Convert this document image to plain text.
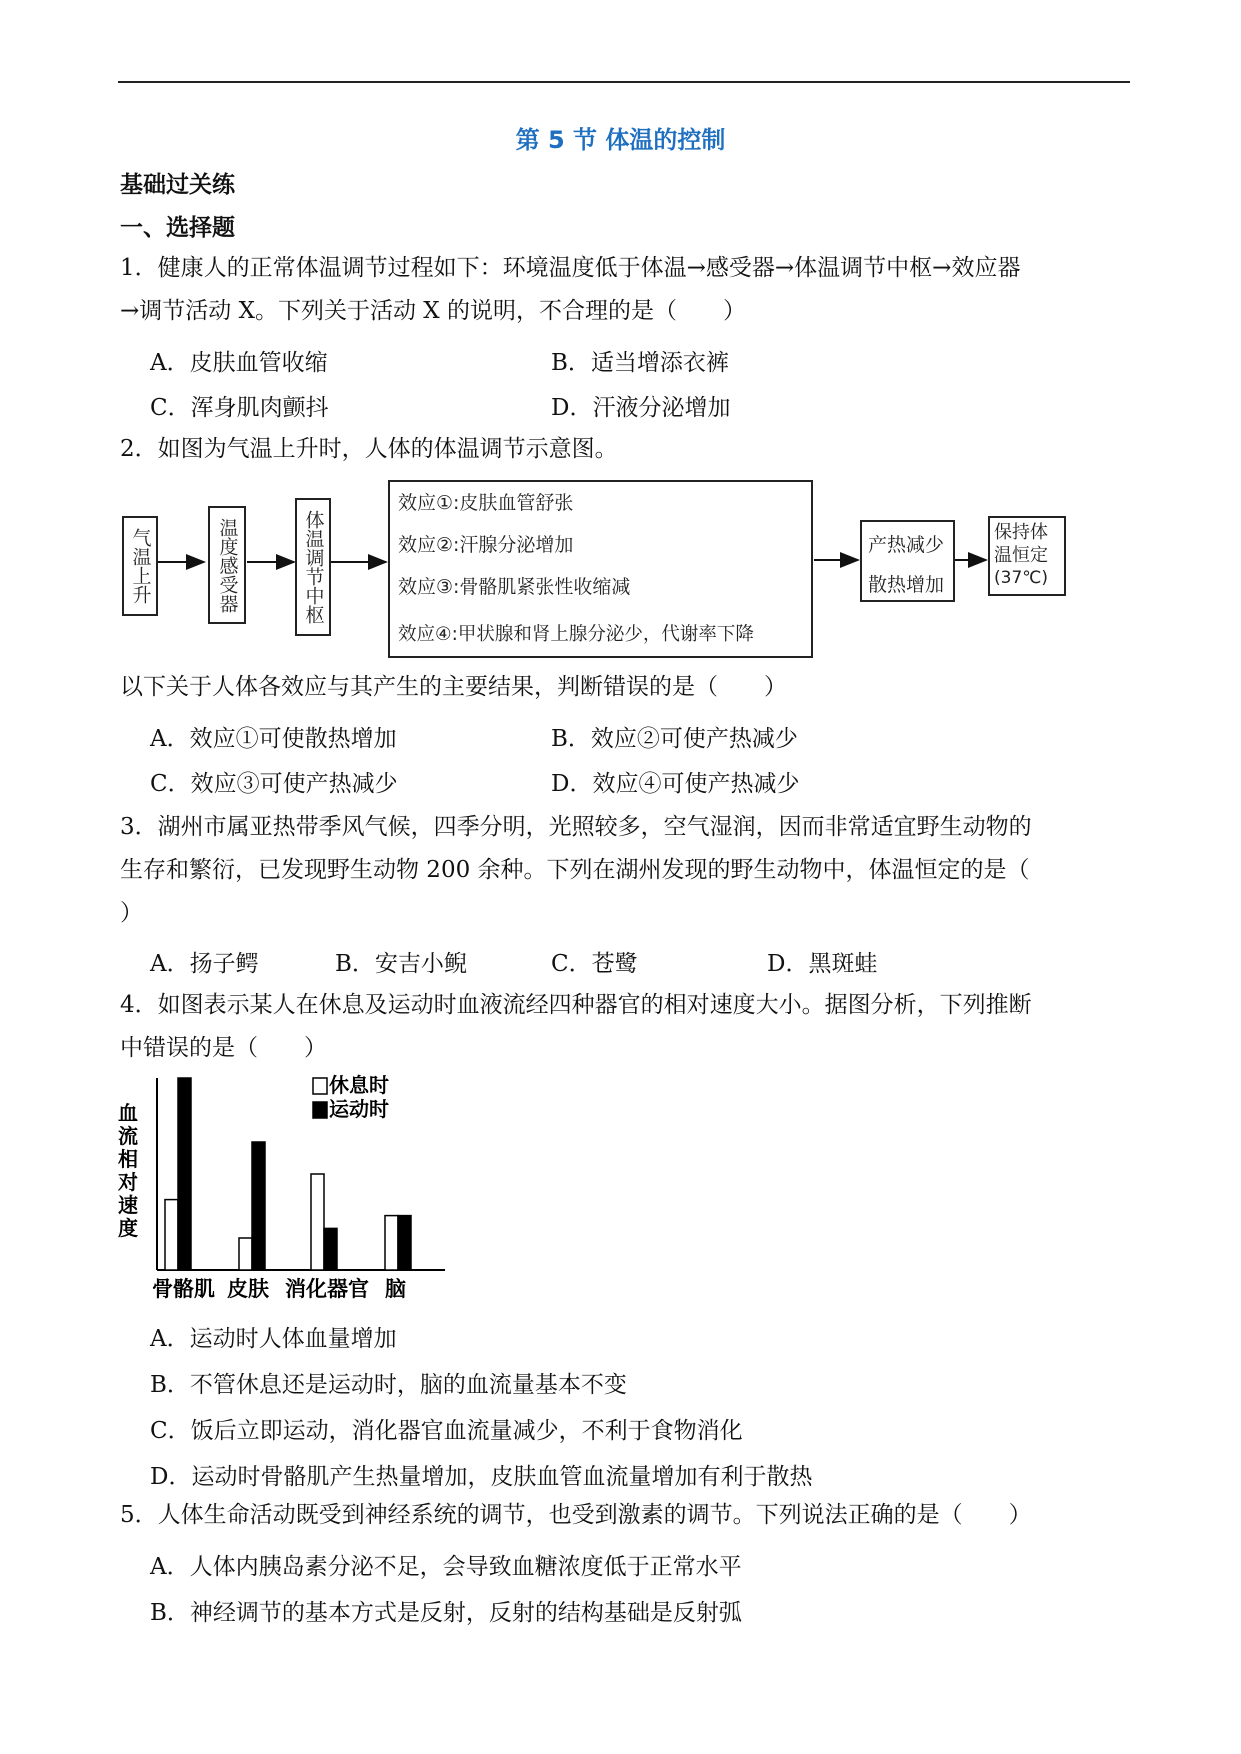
第 5 节 体温的控制
基础过关练
一、选择题
1．健康人的正常体温调节过程如下：环境温度低于体温→感受器→体温调节中枢→效应器
→调节活动 X。下列关于活动 X 的说明，不合理的是（　　）
A．皮肤血管收缩	B．适当增添衣裤
C．浑身肌肉颤抖	D．汗液分泌增加
2．如图为气温上升时，人体的体温调节示意图。
气温上升	温度感受器	体温调节中枢
效应①:皮肤血管舒张
效应②:汗腺分泌增加
效应③:骨骼肌紧张性收缩减
效应④:甲状腺和肾上腺分泌少，代谢率下降
产热减少
散热增加
保持体
温恒定
(37℃)
以下关于人体各效应与其产生的主要结果，判断错误的是（　　）
A．效应①可使散热增加	B．效应②可使产热减少
C．效应③可使产热减少	D．效应④可使产热减少
3．湖州市属亚热带季风气候，四季分明，光照较多，空气湿润，因而非常适宜野生动物的
生存和繁衍，已发现野生动物 200 余种。下列在湖州发现的野生动物中，体温恒定的是（
）
A．扬子鳄	B．安吉小鲵	C．苍鹭	D．黑斑蛙
4．如图表示某人在休息及运动时血液流经四种器官的相对速度大小。据图分析，下列推断
中错误的是（　　）
血
流
相
对
速
度
休息时
运动时
骨骼肌 皮肤 消化器官 脑
A．运动时人体血量增加
B．不管休息还是运动时，脑的血流量基本不变
C．饭后立即运动，消化器官血流量减少，不利于食物消化
D．运动时骨骼肌产生热量增加，皮肤血管血流量增加有利于散热
5．人体生命活动既受到神经系统的调节，也受到激素的调节。下列说法正确的是（　　）
A．人体内胰岛素分泌不足，会导致血糖浓度低于正常水平
B．神经调节的基本方式是反射，反射的结构基础是反射弧
